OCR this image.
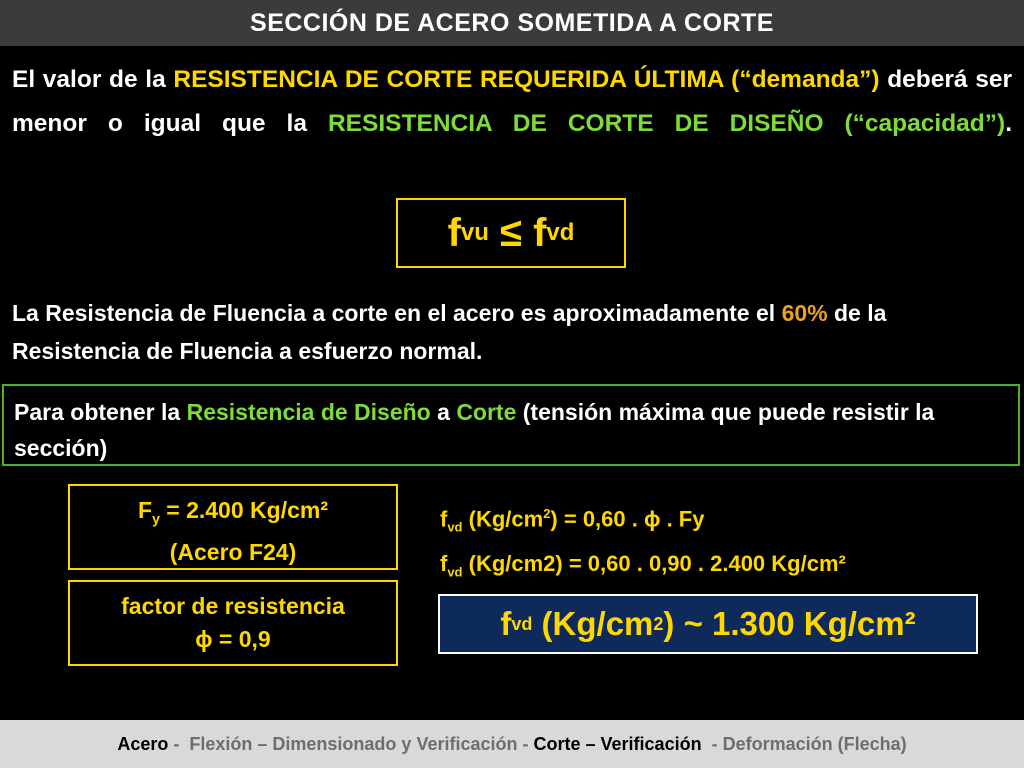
SECCIÓN DE ACERO SOMETIDA A CORTE
El valor de la RESISTENCIA DE CORTE REQUERIDA ÚLTIMA (“demanda”) deberá ser menor o igual que la RESISTENCIA DE CORTE DE DISEÑO (“capacidad”).
f vu ≤ f vd
La Resistencia de Fluencia a corte en el acero es aproximadamente el 60% de la Resistencia de Fluencia a esfuerzo normal.
Para obtener la Resistencia de Diseño a Corte (tensión máxima que puede resistir la sección)
$F_y = 2.400$ Kg/cm²
(Acero F24)
factor de resistencia
ϕ = 0,9
$f_{vd}$ $(Kg/cm^2) = 0,60$ . ϕ . Fy
$f_{vd}$ (Kg/cm2) = 0,60 . 0,90 . 2.400 Kg/cm²
f vd (Kg/cm 2 ) ~ 1.300 Kg/cm²
Acero - Flexión – Dimensionado y Verificación - Corte – Verificación - Deformación (Flecha)
